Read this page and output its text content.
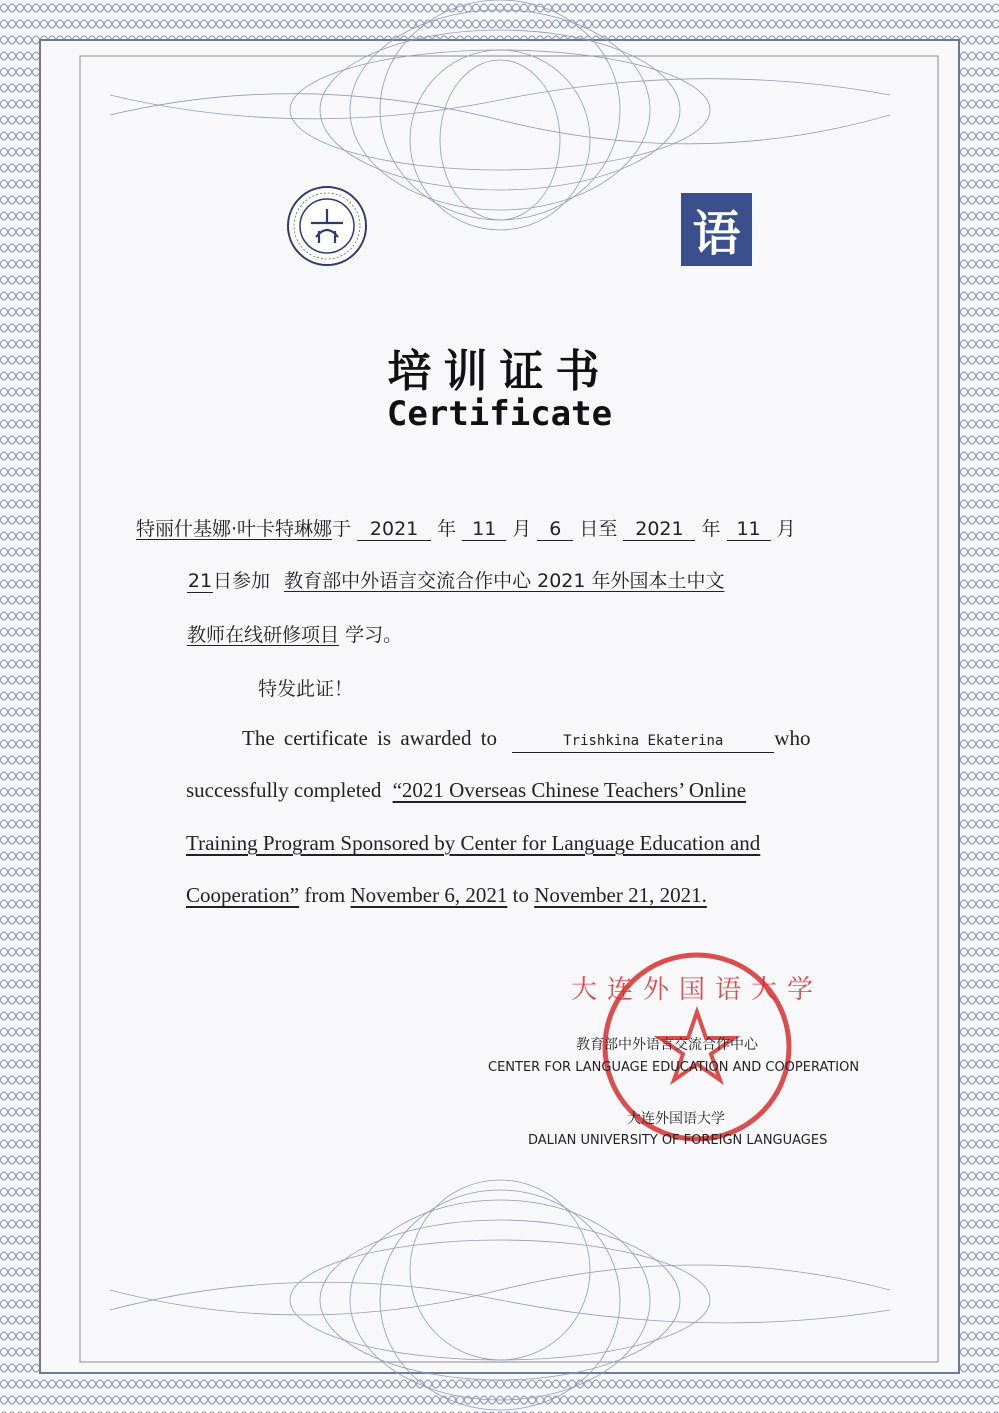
语
培训证书
Certificate
特丽什基娜·叶卡特琳娜于 2021 年 11 月 6 日至 2021 年 11 月
21日参加 教育部中外语言交流合作中心 2021 年外国本土中文
教师在线研修项目 学习。
特发此证！
The certificate is awarded to	Trishkina Ekaterina who
successfully completed “2021 Overseas Chinese Teachers’ Online
Training Program Sponsored by Center for Language Education and
Cooperation” from November 6, 2021 to November 21, 2021.
大连外国语大学
教育部中外语言交流合作中心
CENTER FOR LANGUAGE EDUCATION AND COOPERATION
大连外国语大学
DALIAN UNIVERSITY OF FOREIGN LANGUAGES
